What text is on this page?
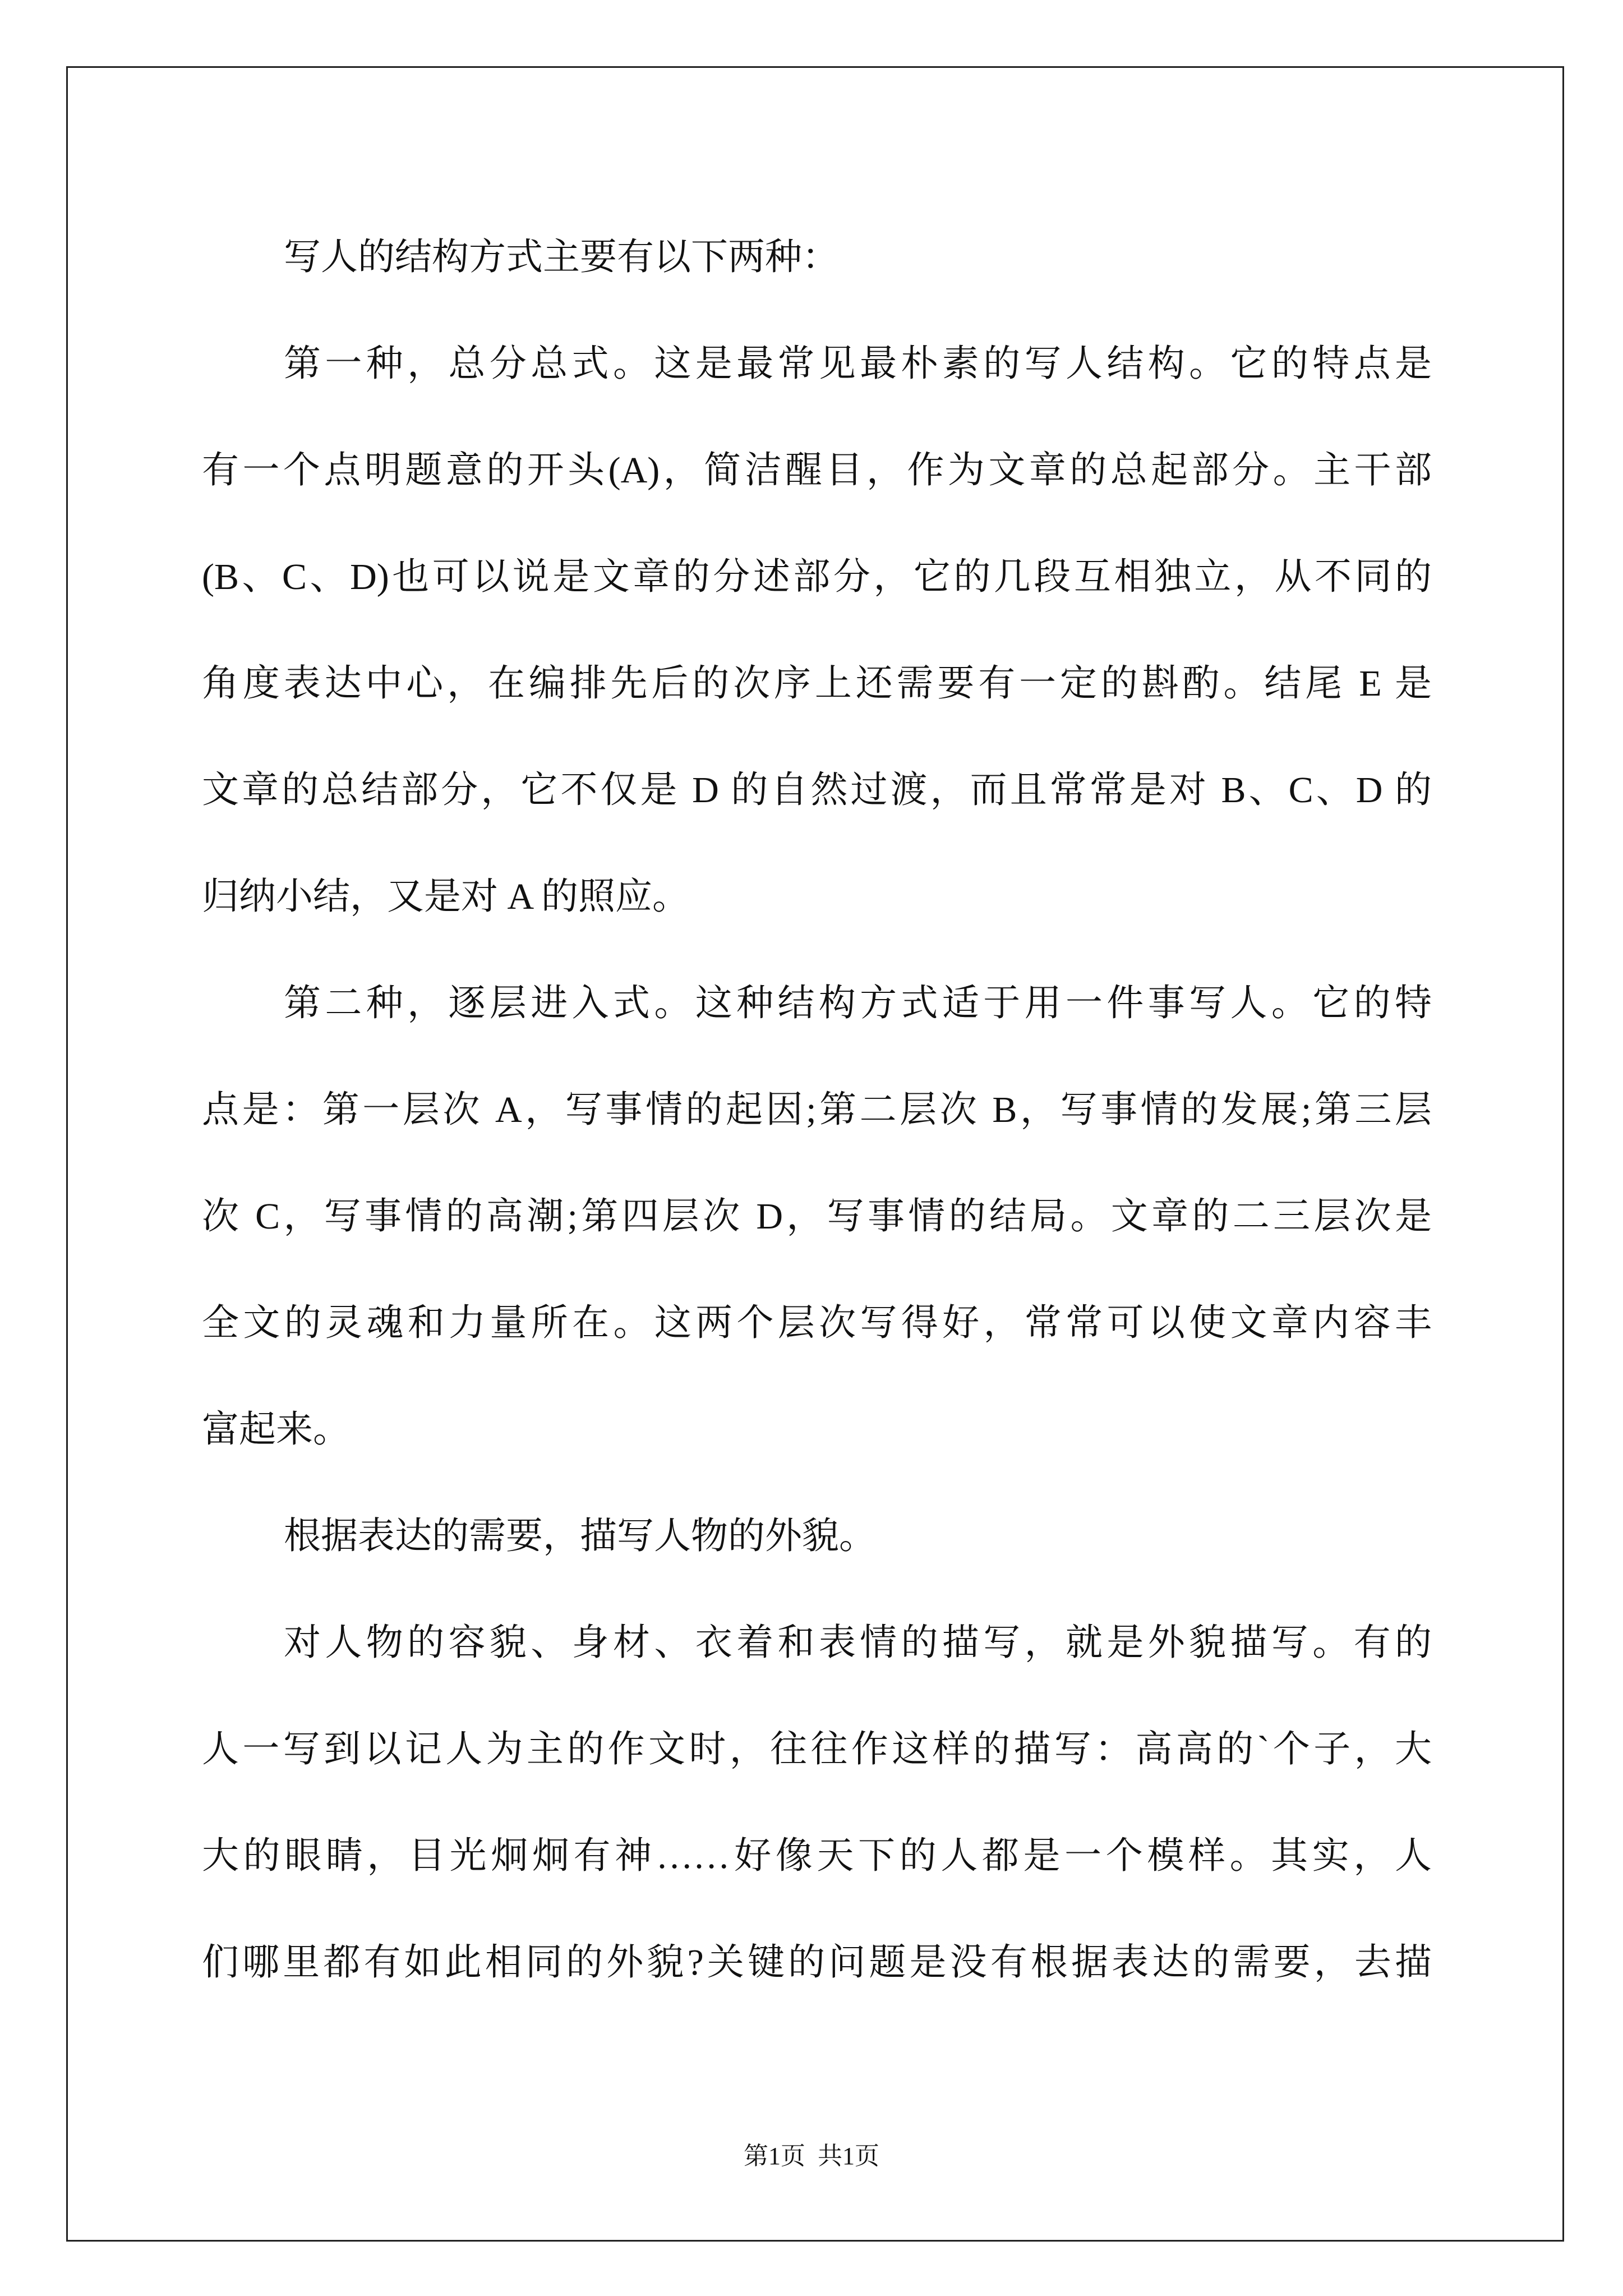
写人的结构方式主要有以下两种：
第一种，总分总式。这是最常见最朴素的写人结构。它的特点是
有一个点明题意的开头(A)，简洁醒目，作为文章的总起部分。主干部
(B、C、D)也可以说是文章的分述部分，它的几段互相独立，从不同的
角度表达中心，在编排先后的次序上还需要有一定的斟酌。结尾 E 是
文章的总结部分，它不仅是 D 的自然过渡，而且常常是对 B、C、D 的
归纳小结，又是对 A 的照应。
第二种，逐层进入式。这种结构方式适于用一件事写人。它的特
点是：第一层次 A，写事情的起因;第二层次 B，写事情的发展;第三层
次 C，写事情的高潮;第四层次 D，写事情的结局。文章的二三层次是
全文的灵魂和力量所在。这两个层次写得好，常常可以使文章内容丰
富起来。
根据表达的需要，描写人物的外貌。
对人物的容貌、身材、衣着和表情的描写，就是外貌描写。有的
人一写到以记人为主的作文时，往往作这样的描写：高高的`个子，大
大的眼睛，目光炯炯有神……好像天下的人都是一个模样。其实，人
们哪里都有如此相同的外貌?关键的问题是没有根据表达的需要，去描
第1页  共1页
